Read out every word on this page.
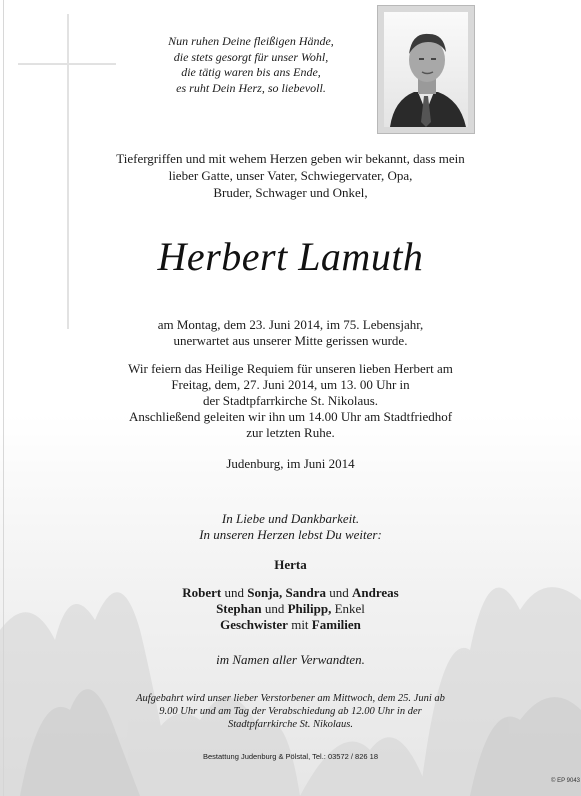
Nun ruhen Deine fleißigen Hände,
die stets gesorgt für unser Wohl,
die tätig waren bis ans Ende,
es ruht Dein Herz, so liebevoll.
Tiefergriffen und mit wehem Herzen geben wir bekannt, dass mein
lieber Gatte, unser Vater, Schwiegervater, Opa,
Bruder, Schwager und Onkel,
Herbert Lamuth
am Montag, dem 23. Juni 2014, im 75. Lebensjahr,
unerwartet aus unserer Mitte gerissen wurde.
Wir feiern das Heilige Requiem für unseren lieben Herbert am
Freitag, dem, 27. Juni 2014, um 13. 00 Uhr in
der Stadtpfarrkirche St. Nikolaus.
Anschließend geleiten wir ihn um 14.00 Uhr am Stadtfriedhof
zur letzten Ruhe.
Judenburg, im Juni 2014
In Liebe und Dankbarkeit.
In unseren Herzen lebst Du weiter:
Herta
Robert und Sonja, Sandra und Andreas
Stephan und Philipp, Enkel
Geschwister mit Familien
im Namen aller Verwandten.
Aufgebahrt wird unser lieber Verstorbener am Mittwoch, dem 25. Juni ab
9.00 Uhr und am Tag der Verabschiedung ab 12.00 Uhr in der
Stadtpfarrkirche St. Nikolaus.
Bestattung Judenburg & Pölstal, Tel.: 03572 / 826 18
© EP 9043
